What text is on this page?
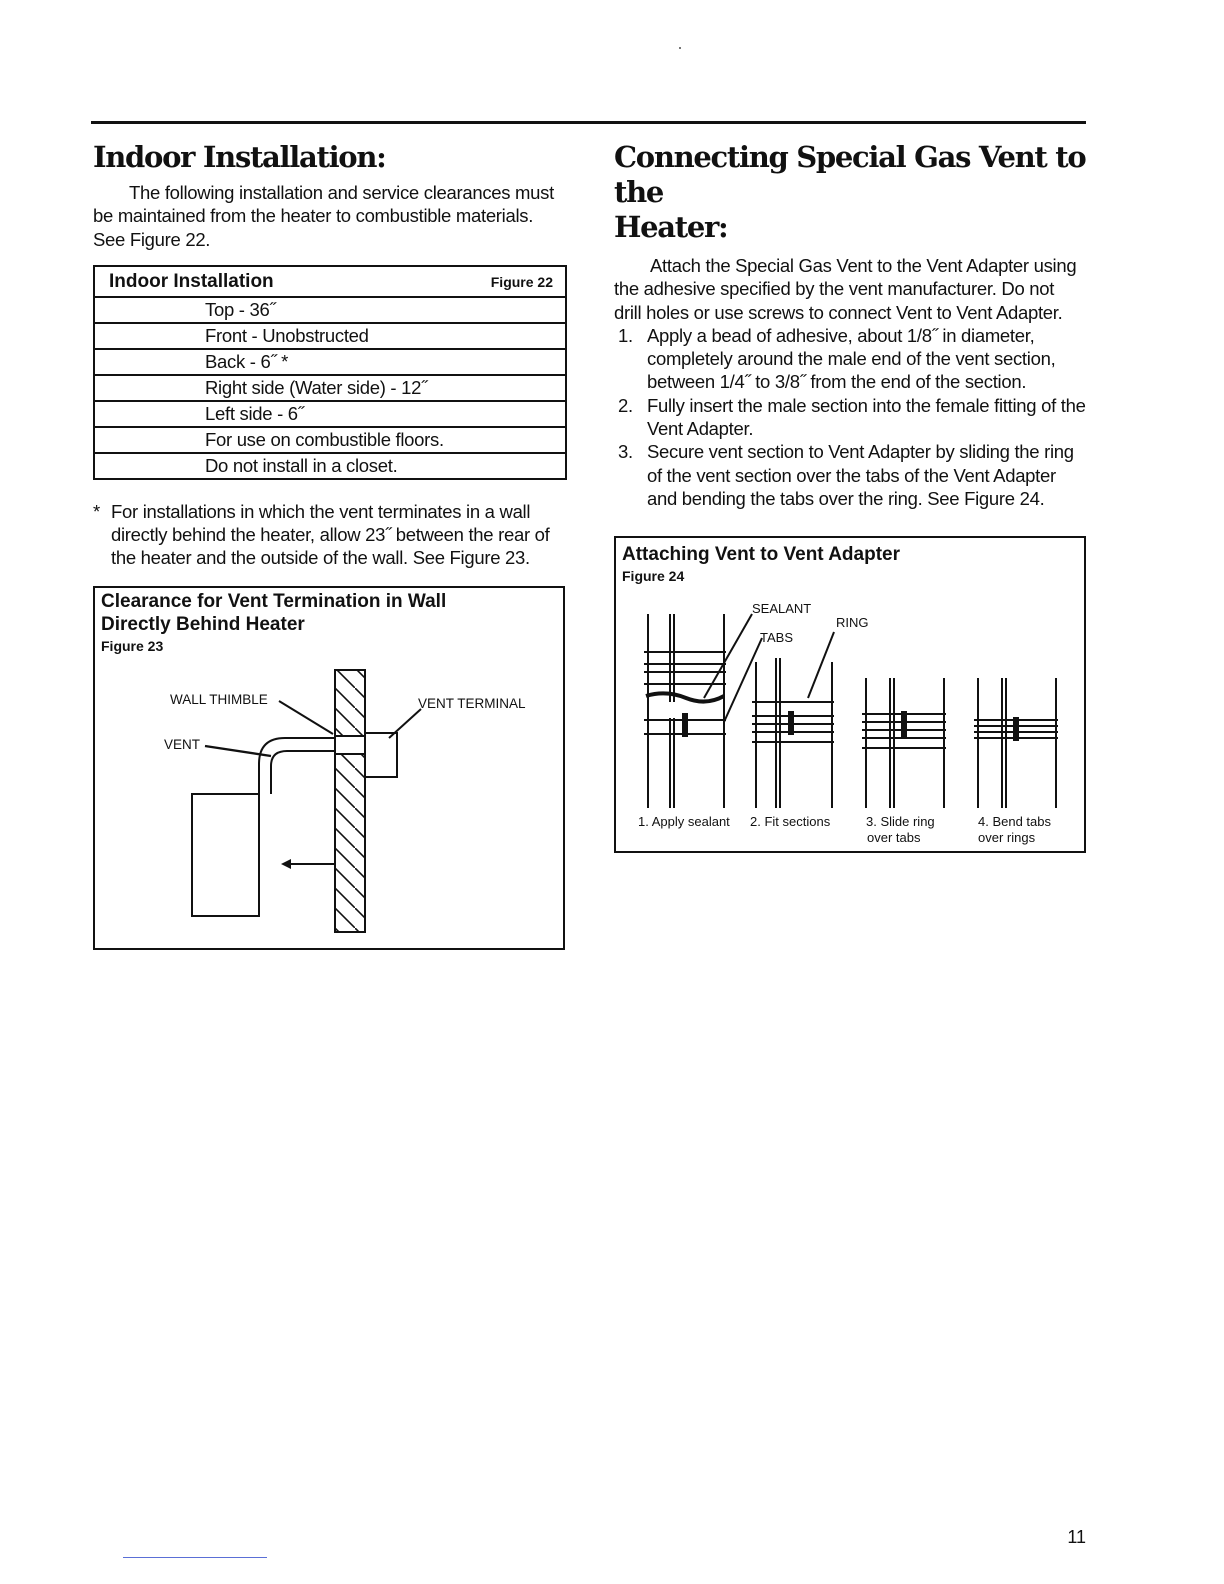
Indoor Installation:

The following installation and service clearances must be maintained from the heater to combustible materials. See Figure 22.

Indoor Installation	Figure 22
Top - 36˝
Front - Unobstructed
Back - 6˝ *
Right side (Water side) - 12˝
Left side - 6˝
For use on combustible floors.
Do not install in a closet.
* For installations in which the vent terminates in a wall directly behind the heater, allow 23˝ between the rear of the heater and the outside of the wall. See Figure 23.
Clearance for Vent Termination in Wall
Directly Behind Heater
Figure 23
WALL THIMBLE
VENT
VENT TERMINAL
Connecting Special Gas Vent to the
Heater:

Attach the Special Gas Vent to the Vent Adapter using the adhesive specified by the vent manufacturer. Do not drill holes or use screws to connect Vent to Vent Adapter.

1. Apply a bead of adhesive, about 1/8˝ in diameter, completely around the male end of the vent section, between 1/4˝ to 3/8˝ from the end of the section.
2. Fully insert the male section into the female fitting of the Vent Adapter.
3. Secure vent section to Vent Adapter by sliding the ring of the vent section over the tabs of the Vent Adapter and bending the tabs over the ring. See Figure 24.
Attaching Vent to Vent Adapter
Figure 24
SEALANT
TABS
RING
1. Apply sealant 2. Fit sections	3. Slide ring
over tabs
4. Bend tabs
over rings
11
